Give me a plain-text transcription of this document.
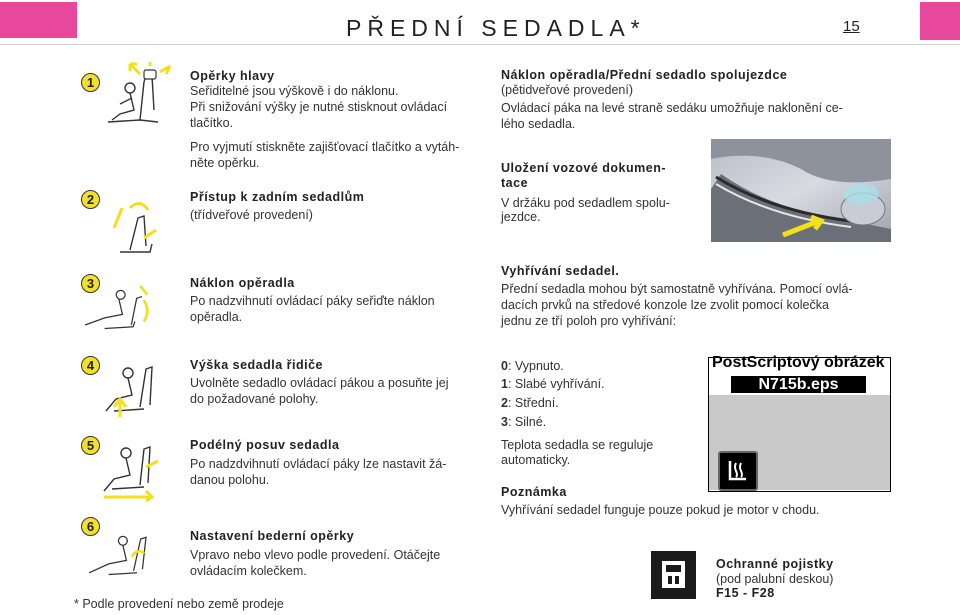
PŘEDNÍ SEDADLA*	15
1
2
3
4
5
6
Opěrky hlavy
Seřiditelné jsou výškově i do náklonu.
Při snižování výšky je nutné stisknout ovládací
tlačítko.
Pro vyjmutí stiskněte zajišťovací tlačítko a vytáh-
něte opěrku.
Přístup k zadním sedadlům
(třídveřové provedení)
Náklon opěradla
Po nadzvihnutí ovládací páky seřiďte náklon
opěradla.
Výška sedadla řidiče
Uvolněte sedadlo ovládací pákou a posuňte jej
do požadované polohy.
Podélný posuv sedadla
Po nadzdvihnutí ovládací páky lze nastavit žá-
danou polohu.
Nastavení bederní opěrky
Vpravo nebo vlevo podle provedení. Otáčejte
ovládacím kolečkem.
* Podle provedení nebo země prodeje
Náklon opěradla/Přední sedadlo spolujezdce
(pětidveřové provedení)
Ovládací páka na levé straně sedáku umožňuje naklonění ce-
lého sedadla.
Uložení vozové dokumen-
tace
V držáku pod sedadlem spolu-
jezdce.
Vyhřívání sedadel.
Přední sedadla mohou být samostatně vyhřívána. Pomocí ovlá-
dacích prvků na středové konzole lze zvolit pomocí kolečka
jednu ze tří poloh pro vyhřívání:
0: Vypnuto.
1: Slabé vyhřívání.
2: Střední.
3: Silné.
Teplota sedadla se reguluje
automaticky.
Poznámka
Vyhřívání sedadel funguje pouze pokud je motor v chodu.
PostScriptový obrázek
N715b.eps
Ochranné pojistky
(pod palubní deskou)
F15 - F28
